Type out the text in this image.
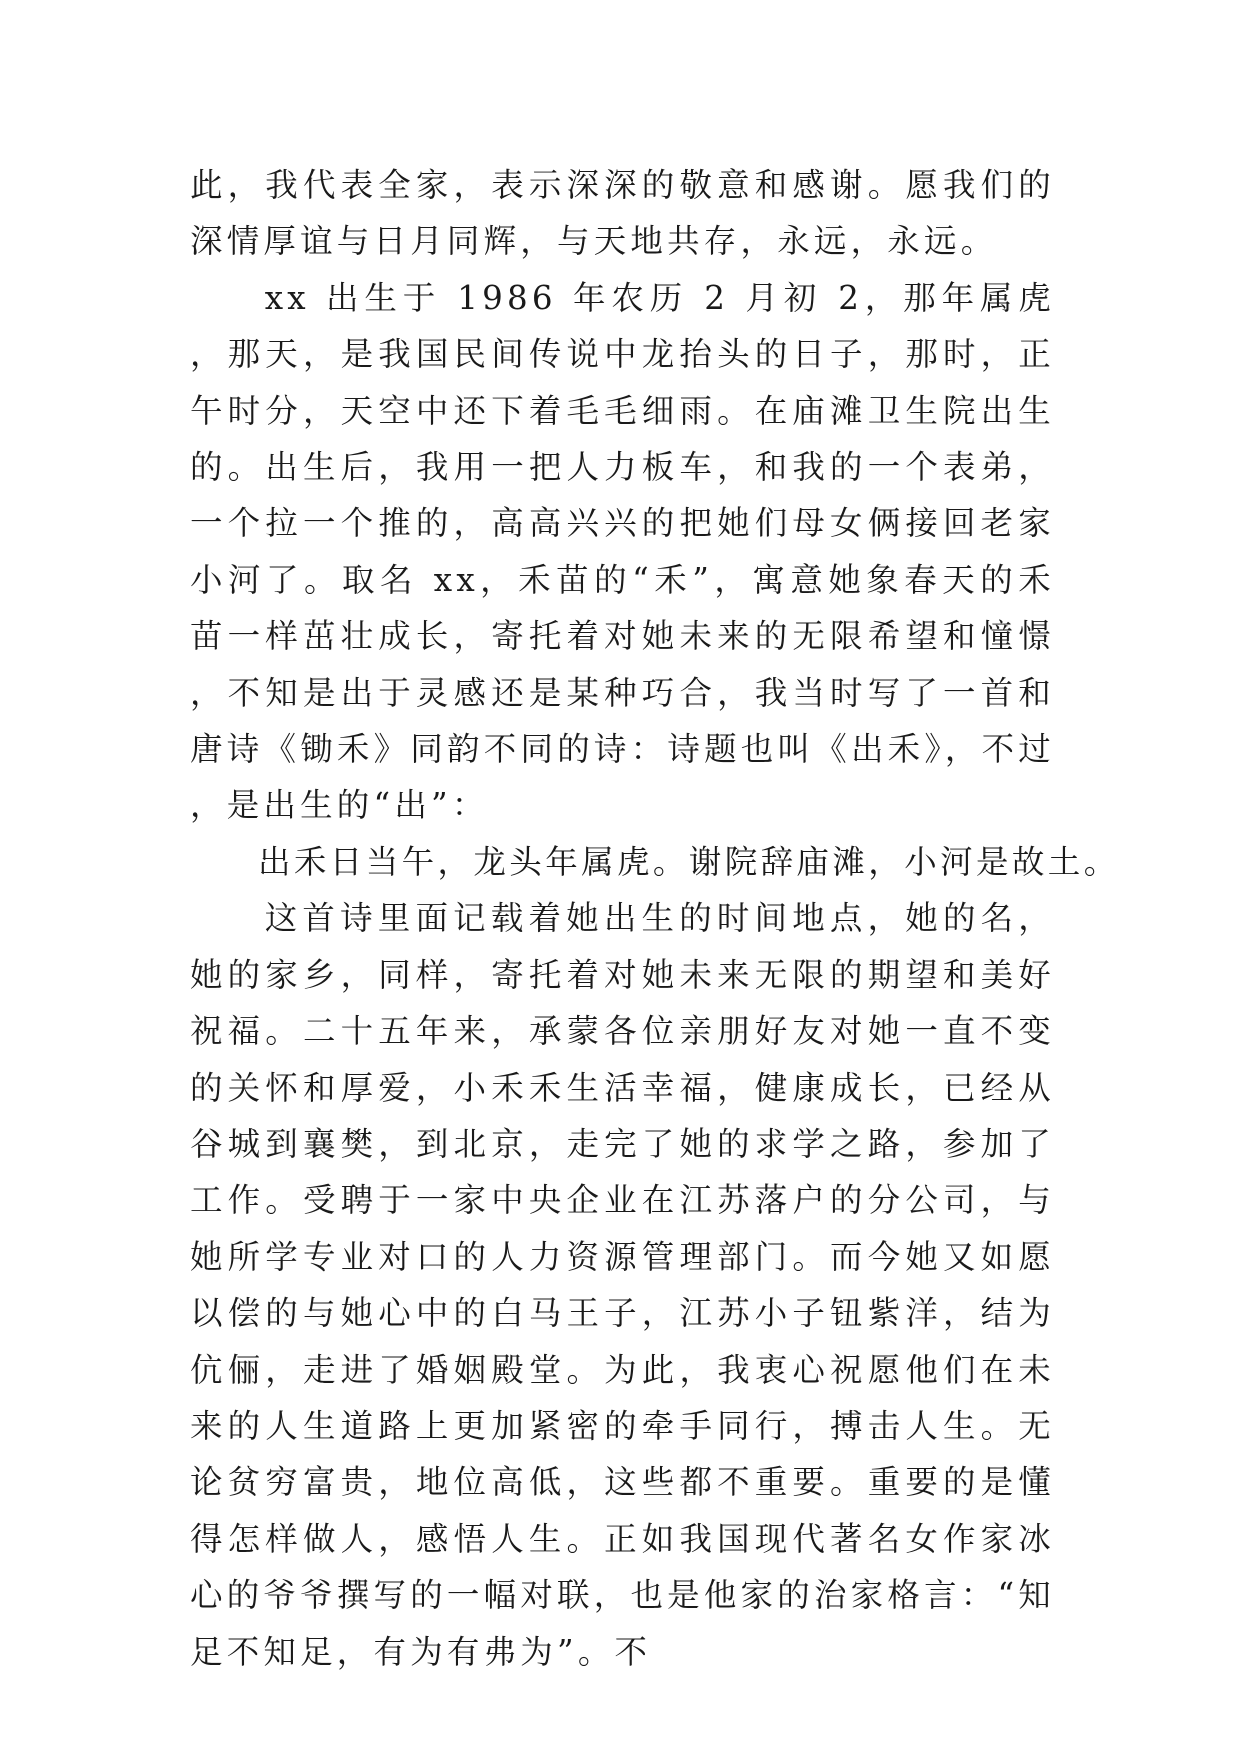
此，我代表全家，表示深深的敬意和感谢。愿我们的深情厚谊与日月同辉，与天地共存，永远，永远。

xx 出生于 1986 年农历 2 月初 2，那年属虎，那天，是我国民间传说中龙抬头的日子，那时，正午时分，天空中还下着毛毛细雨。在庙滩卫生院出生的。出生后，我用一把人力板车，和我的一个表弟，一个拉一个推的，高高兴兴的把她们母女俩接回老家小河了。取名 xx，禾苗的“禾”，寓意她象春天的禾苗一样茁壮成长，寄托着对她未来的无限希望和憧憬，不知是出于灵感还是某种巧合，我当时写了一首和唐诗《锄禾》同韵不同的诗：诗题也叫《出禾》，不过，是出生的“出”：

出禾日当午，龙头年属虎。谢院辞庙滩，小河是故土。

这首诗里面记载着她出生的时间地点，她的名，她的家乡，同样，寄托着对她未来无限的期望和美好祝福。二十五年来，承蒙各位亲朋好友对她一直不变的关怀和厚爱，小禾禾生活幸福，健康成长，已经从谷城到襄樊，到北京，走完了她的求学之路，参加了工作。受聘于一家中央企业在江苏落户的分公司，与她所学专业对口的人力资源管理部门。而今她又如愿以偿的与她心中的白马王子，江苏小子钮紫洋，结为伉俪，走进了婚姻殿堂。为此，我衷心祝愿他们在未来的人生道路上更加紧密的牵手同行，搏击人生。无论贫穷富贵，地位高低，这些都不重要。重要的是懂得怎样做人，感悟人生。正如我国现代著名女作家冰心的爷爷撰写的一幅对联，也是他家的治家格言：“知足不知足，有为有弗为”。不
